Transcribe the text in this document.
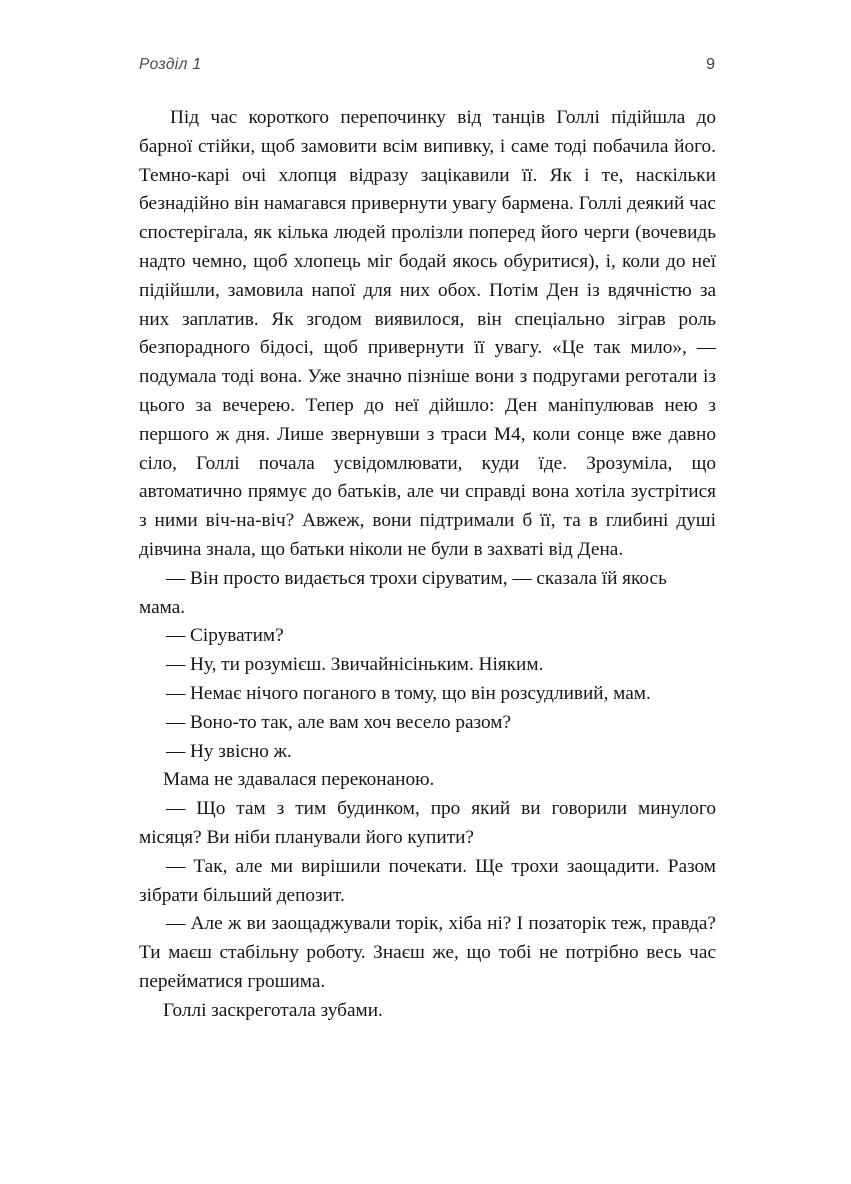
Розділ 1	9

Під час короткого перепочинку від танців Голлі підійшла до барної стійки, щоб замовити всім випивку, і саме тоді побачила його. Темно-карі очі хлопця відразу зацікавили її. Як і те, наскільки безнадійно він намагався привернути увагу бармена. Голлі деякий час спостерігала, як кілька людей пролізли поперед його черги (вочевидь надто чемно, щоб хлопець міг бодай якось обуритися), і, коли до неї підійшли, замовила напої для них обох. Потім Ден із вдячністю за них заплатив. Як згодом виявилося, він спеціально зіграв роль безпорадного бідосі, щоб привернути її увагу. «Це так мило», — подумала тоді вона. Уже значно пізніше вони з подругами реготали із цього за вечерею. Тепер до неї дійшло: Ден маніпулював нею з першого ж дня. Лише звернувши з траси М4, коли сонце вже давно сіло, Голлі почала усвідомлювати, куди їде. Зрозуміла, що автоматично прямує до батьків, але чи справді вона хотіла зустрітися з ними віч-на-віч? Авжеж, вони підтримали б її, та в глибині душі дівчина знала, що батьки ніколи не були в захваті від Дена.

— Він просто видається трохи сіруватим, — сказала їй якось мама.

— Сіруватим?

— Ну, ти розумієш. Звичайнісіньким. Ніяким.

— Немає нічого поганого в тому, що він розсудливий, мам.

— Воно-то так, але вам хоч весело разом?

— Ну звісно ж.

Мама не здавалася переконаною.

— Що там з тим будинком, про який ви говорили минулого місяця? Ви ніби планували його купити?

— Так, але ми вирішили почекати. Ще трохи заощадити. Разом зібрати більший депозит.

— Але ж ви заощаджували торік, хіба ні? І позаторік теж, правда? Ти маєш стабільну роботу. Знаєш же, що тобі не потрібно весь час перейматися грошима.

Голлі заскреготала зубами.
